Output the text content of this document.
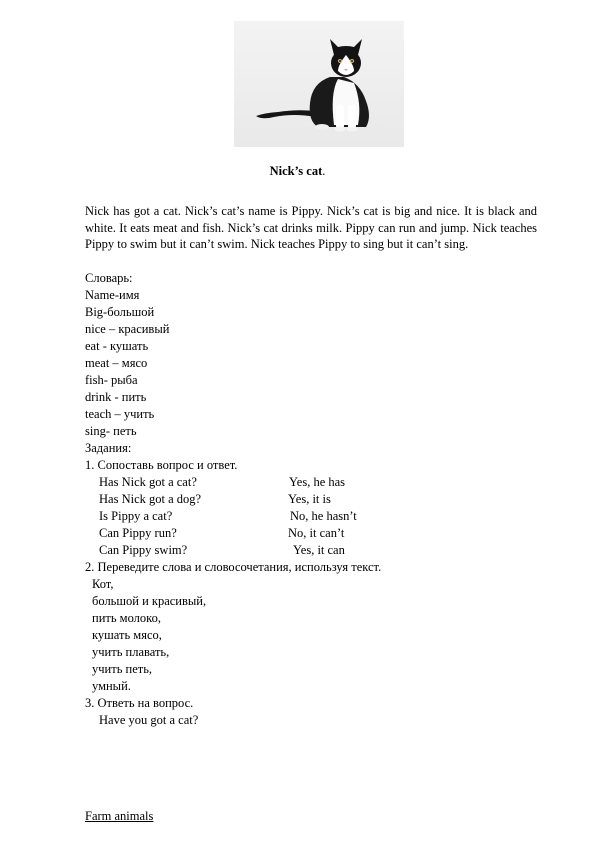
Nick’s cat.
Nick has got a cat. Nick’s cat’s name is Pippy. Nick’s cat is big and nice. It is black and white. It eats meat and fish. Nick’s cat drinks milk. Pippy can run and jump. Nick teaches Pippy to swim but it can’t swim. Nick teaches Pippy to sing but it can’t sing.
Словарь:
Name-имя
Big-большой
nice – красивый
eat - кушать
meat – мясо
fish- рыба
drink - пить
teach – учить
sing- петь
Задания:
1. Сопоставь вопрос и ответ.
Has Nick got a cat?	Yes, he has
Has Nick got a dog?	Yes, it is
Is Pippy a cat?	No, he hasn’t
Can Pippy run?	No, it can’t
Can Pippy swim?	Yes, it can
2. Переведите слова и словосочетания, используя текст.
Кот,
большой и красивый,
пить молоко,
кушать мясо,
учить плавать,
учить петь,
умный.
3. Ответь на вопрос.
Have you got a cat?
Farm animals
